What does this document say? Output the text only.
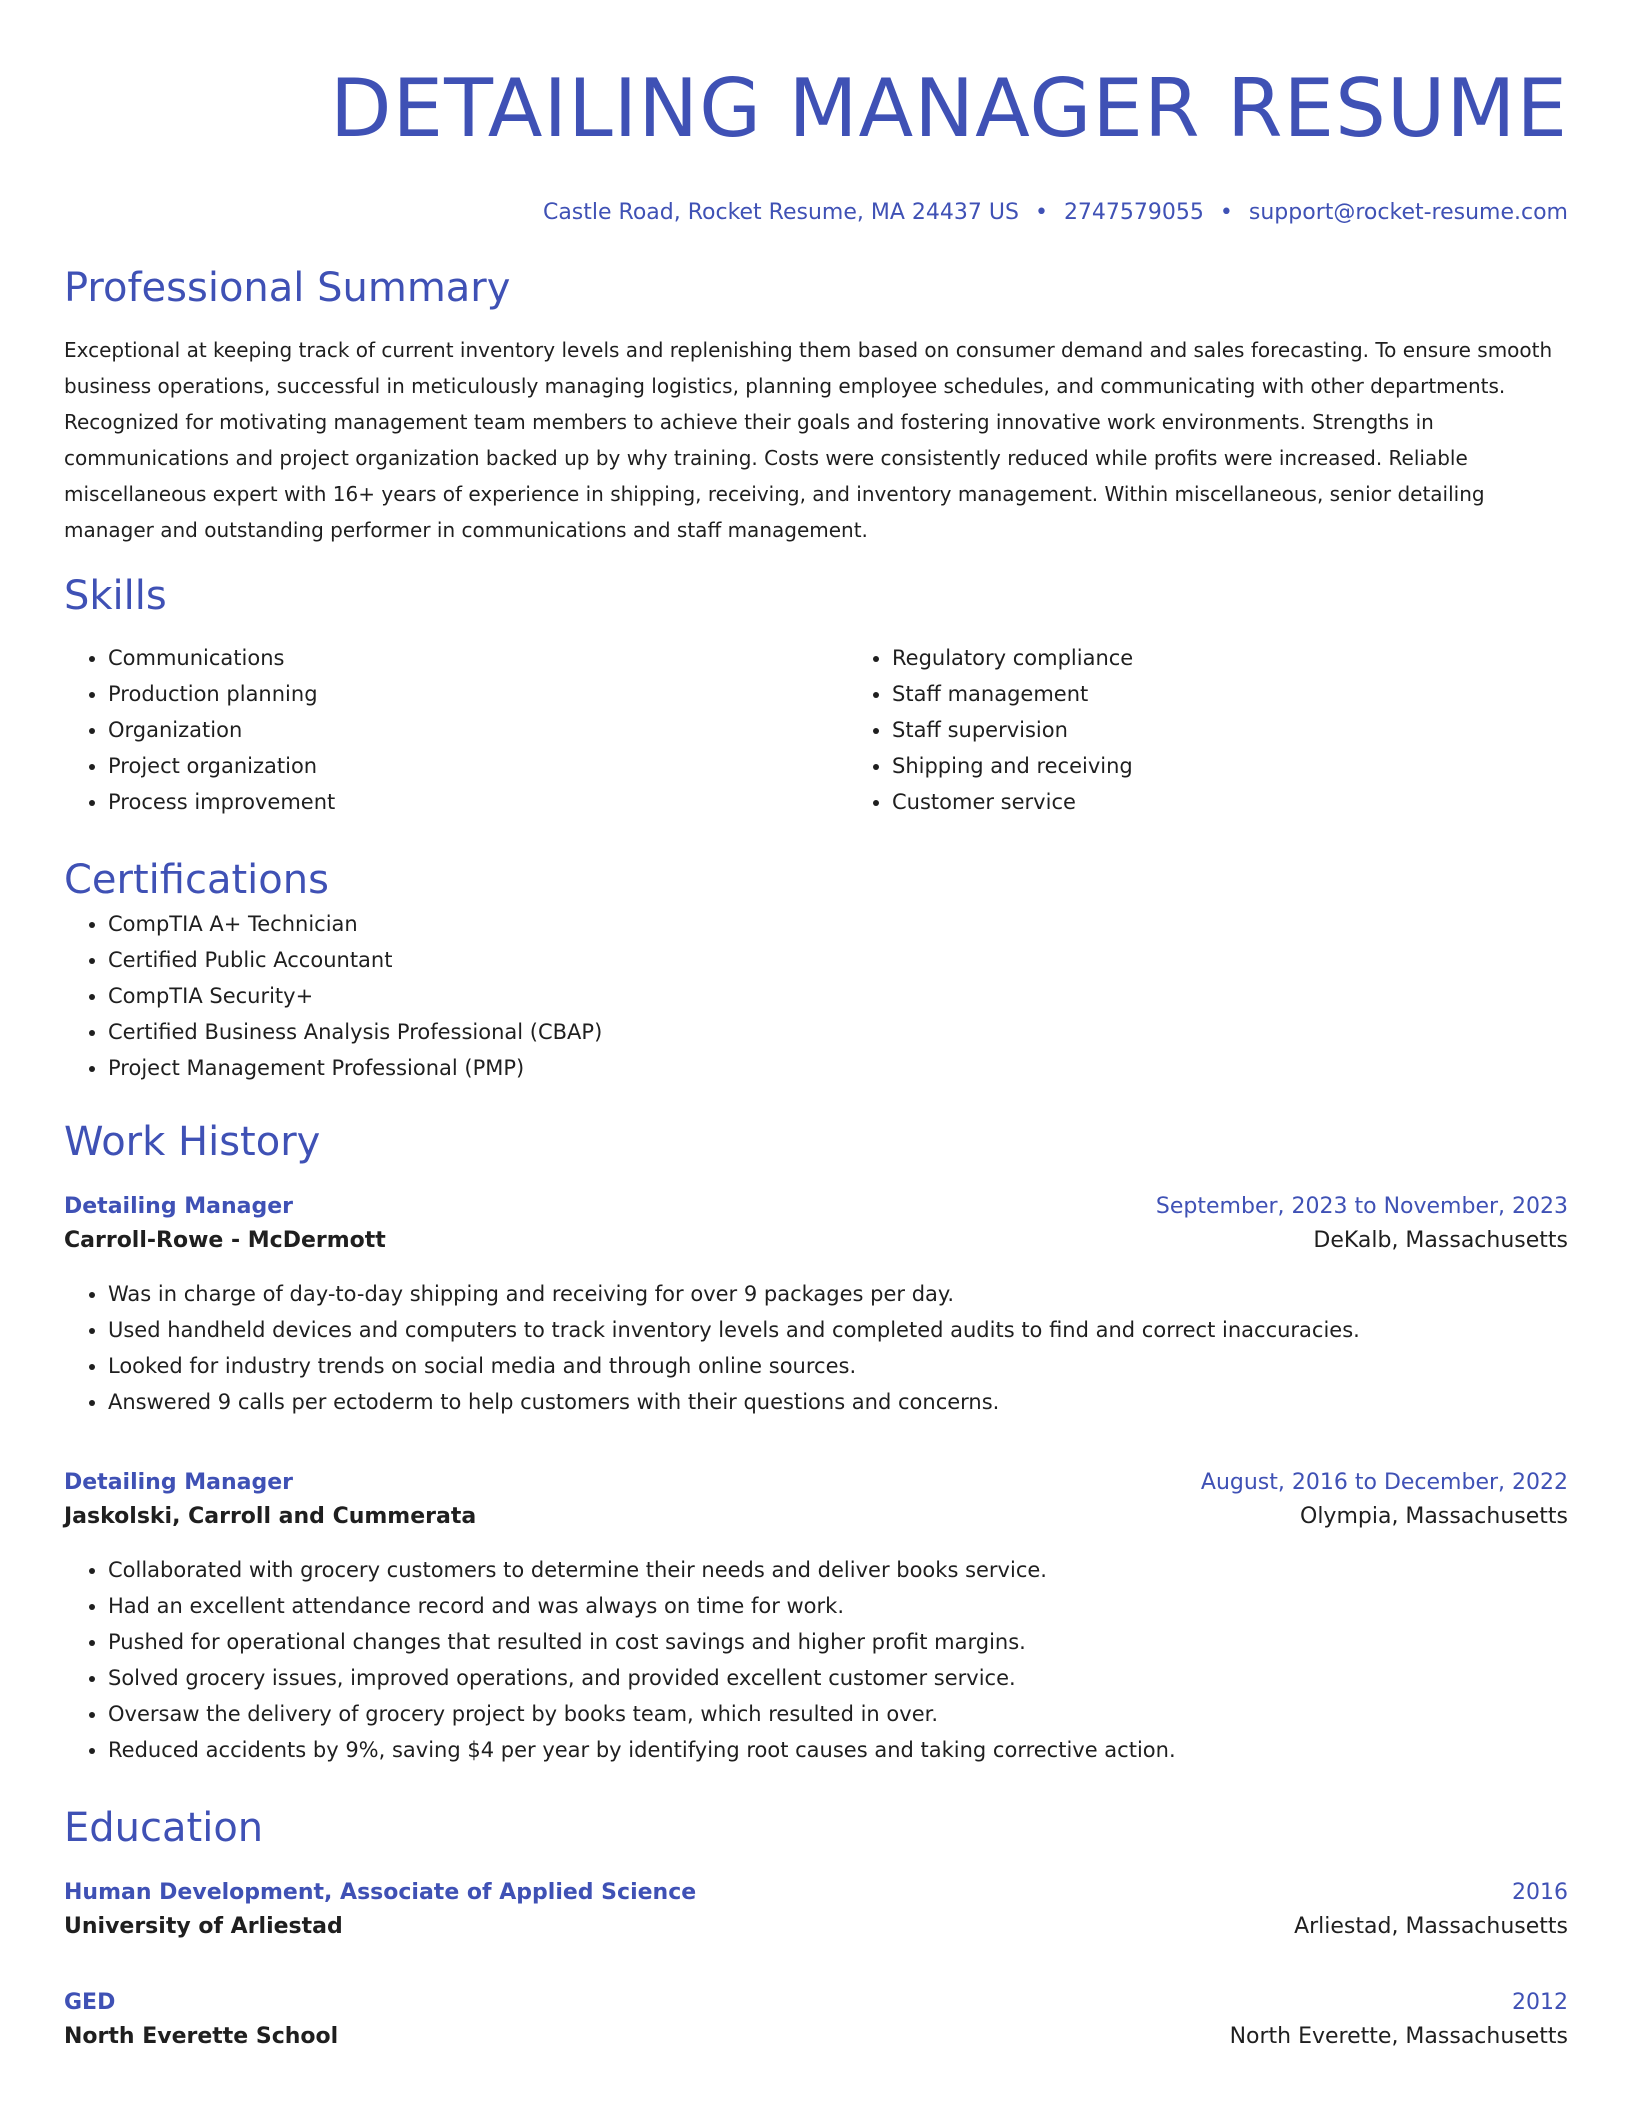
DETAILING MANAGER RESUME
Castle Road, Rocket Resume, MA 24437 US • 2747579055 • support@rocket-resume.com
Professional Summary
Exceptional at keeping track of current inventory levels and replenishing them based on consumer demand and sales forecasting. To ensure smooth business operations, successful in meticulously managing logistics, planning employee schedules, and communicating with other departments. Recognized for motivating management team members to achieve their goals and fostering innovative work environments. Strengths in communications and project organization backed up by why training. Costs were consistently reduced while profits were increased. Reliable miscellaneous expert with 16+ years of experience in shipping, receiving, and inventory management. Within miscellaneous, senior detailing manager and outstanding performer in communications and staff management.
Skills
• Communications
• Production planning
• Organization
• Project organization
• Process improvement
• Regulatory compliance
• Staff management
• Staff supervision
• Shipping and receiving
• Customer service
Certifications
• CompTIA A+ Technician
• Certified Public Accountant
• CompTIA Security+
• Certified Business Analysis Professional (CBAP)
• Project Management Professional (PMP)
Work History
Detailing Manager	September, 2023 to November, 2023
Carroll-Rowe - McDermott	DeKalb, Massachusetts
• Was in charge of day-to-day shipping and receiving for over 9 packages per day.
• Used handheld devices and computers to track inventory levels and completed audits to find and correct inaccuracies.
• Looked for industry trends on social media and through online sources.
• Answered 9 calls per ectoderm to help customers with their questions and concerns.
Detailing Manager	August, 2016 to December, 2022
Jaskolski, Carroll and Cummerata	Olympia, Massachusetts
• Collaborated with grocery customers to determine their needs and deliver books service.
• Had an excellent attendance record and was always on time for work.
• Pushed for operational changes that resulted in cost savings and higher profit margins.
• Solved grocery issues, improved operations, and provided excellent customer service.
• Oversaw the delivery of grocery project by books team, which resulted in over.
• Reduced accidents by 9%, saving $4 per year by identifying root causes and taking corrective action.
Education
Human Development, Associate of Applied Science	2016
University of Arliestad	Arliestad, Massachusetts
GED	2012
North Everette School	North Everette, Massachusetts
